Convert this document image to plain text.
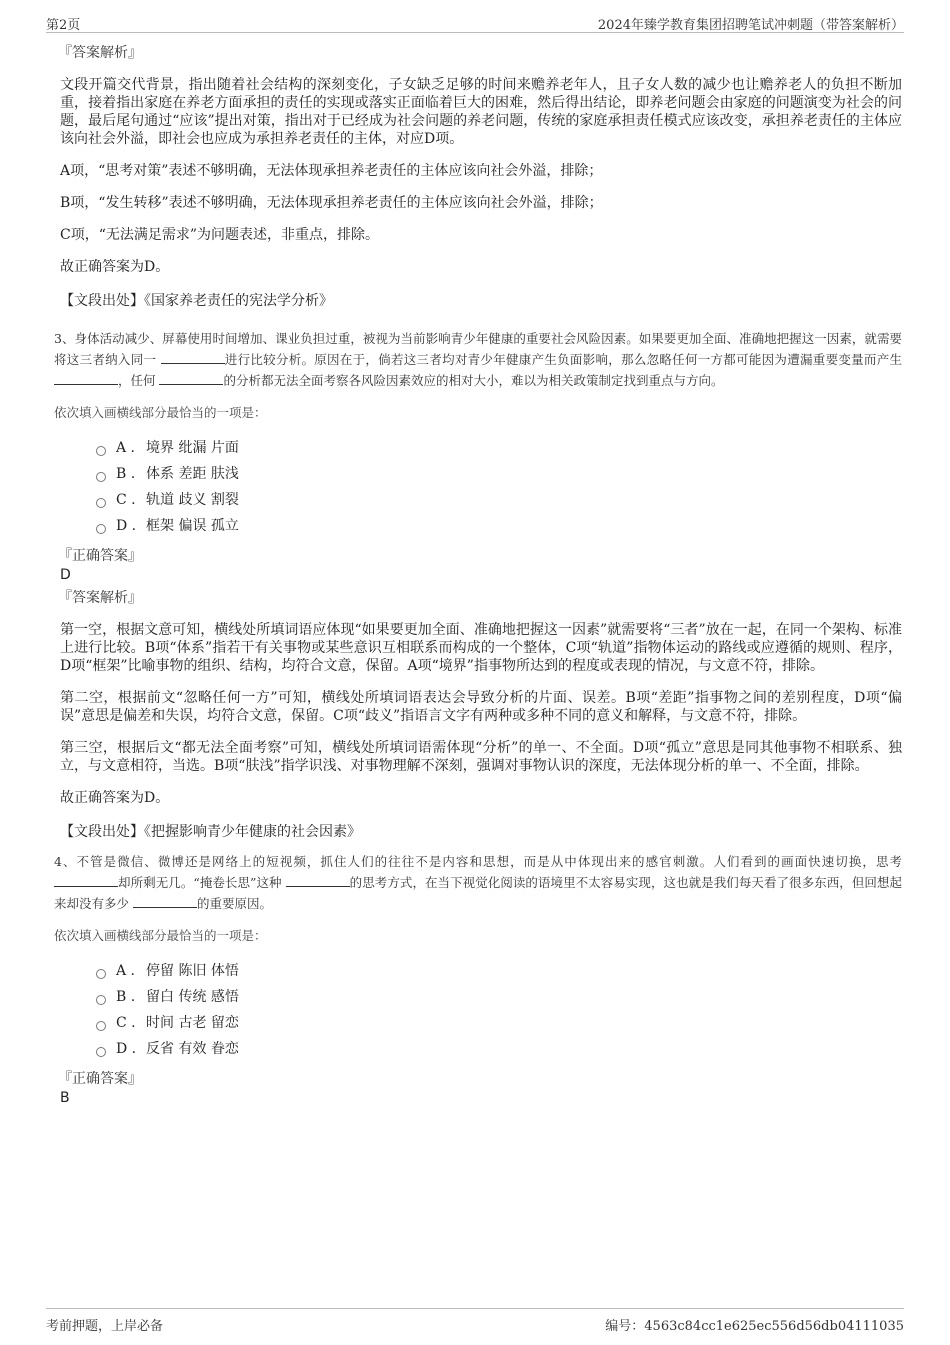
第2页	2024年臻学教育集团招聘笔试冲刺题（带答案解析）
『答案解析』

文段开篇交代背景，指出随着社会结构的深刻变化，子女缺乏足够的时间来赡养老年人，且子女人数的减少也让赡养老人的负担不断加重，接着指出家庭在养老方面承担的责任的实现或落实正面临着巨大的困难，然后得出结论，即养老问题会由家庭的问题演变为社会的问题，最后尾句通过“应该”提出对策，指出对于已经成为社会问题的养老问题，传统的家庭承担责任模式应该改变，承担养老责任的主体应该向社会外溢，即社会也应成为承担养老责任的主体，对应D项。

A项，“思考对策”表述不够明确，无法体现承担养老责任的主体应该向社会外溢，排除；

B项，“发生转移”表述不够明确，无法体现承担养老责任的主体应该向社会外溢，排除；

C项，“无法满足需求”为问题表述，非重点，排除。

故正确答案为D。

【文段出处】《国家养老责任的宪法学分析》

3、身体活动减少、屏幕使用时间增加、课业负担过重，被视为当前影响青少年健康的重要社会风险因素。如果要更加全面、准确地把握这一因素，就需要将这三者纳入同一	进行比较分析。原因在于，倘若这三者均对青少年健康产生负面影响，那么忽略任何一方都可能因为遭漏重要变量而产生 ，任何	的分析都无法全面考察各风险因素效应的相对大小，难以为相关政策制定找到重点与方向。

依次填入画横线部分最恰当的一项是：

A . 境界 纰漏 片面
B . 体系 差距 肤浅
C . 轨道 歧义 割裂
D . 框架 偏误 孤立
『正确答案』
D
『答案解析』

第一空，根据文意可知，横线处所填词语应体现“如果要更加全面、准确地把握这一因素”就需要将“三者”放在一起，在同一个架构、标准上进行比较。B项“体系”指若干有关事物或某些意识互相联系而构成的一个整体，C项“轨道”指物体运动的路线或应遵循的规则、程序，D项“框架”比喻事物的组织、结构，均符合文意，保留。A项“境界”指事物所达到的程度或表现的情况，与文意不符，排除。

第二空，根据前文“忽略任何一方”可知，横线处所填词语表达会导致分析的片面、误差。B项“差距”指事物之间的差别程度，D项“偏误”意思是偏差和失误，均符合文意，保留。C项“歧义”指语言文字有两种或多种不同的意义和解释，与文意不符，排除。

第三空，根据后文“都无法全面考察”可知，横线处所填词语需体现“分析”的单一、不全面。D项“孤立”意思是同其他事物不相联系、独立，与文意相符，当选。B项“肤浅”指学识浅、对事物理解不深刻，强调对事物认识的深度，无法体现分析的单一、不全面，排除。

故正确答案为D。

【文段出处】《把握影响青少年健康的社会因素》

4、不管是微信、微博还是网络上的短视频，抓住人们的往往不是内容和思想，而是从中体现出来的感官刺激。人们看到的画面快速切换，思考 却所剩无几。“掩卷长思”这种	的思考方式，在当下视觉化阅读的语境里不太容易实现，这也就是我们每天看了很多东西，但回想起来却没有多少	的重要原因。

依次填入画横线部分最恰当的一项是：

A . 停留 陈旧 体悟
B . 留白 传统 感悟
C . 时间 古老 留恋
D . 反省 有效 眷恋
『正确答案』
B
考前押题，上岸必备	编号：4563c84cc1e625ec556d56db04111035
